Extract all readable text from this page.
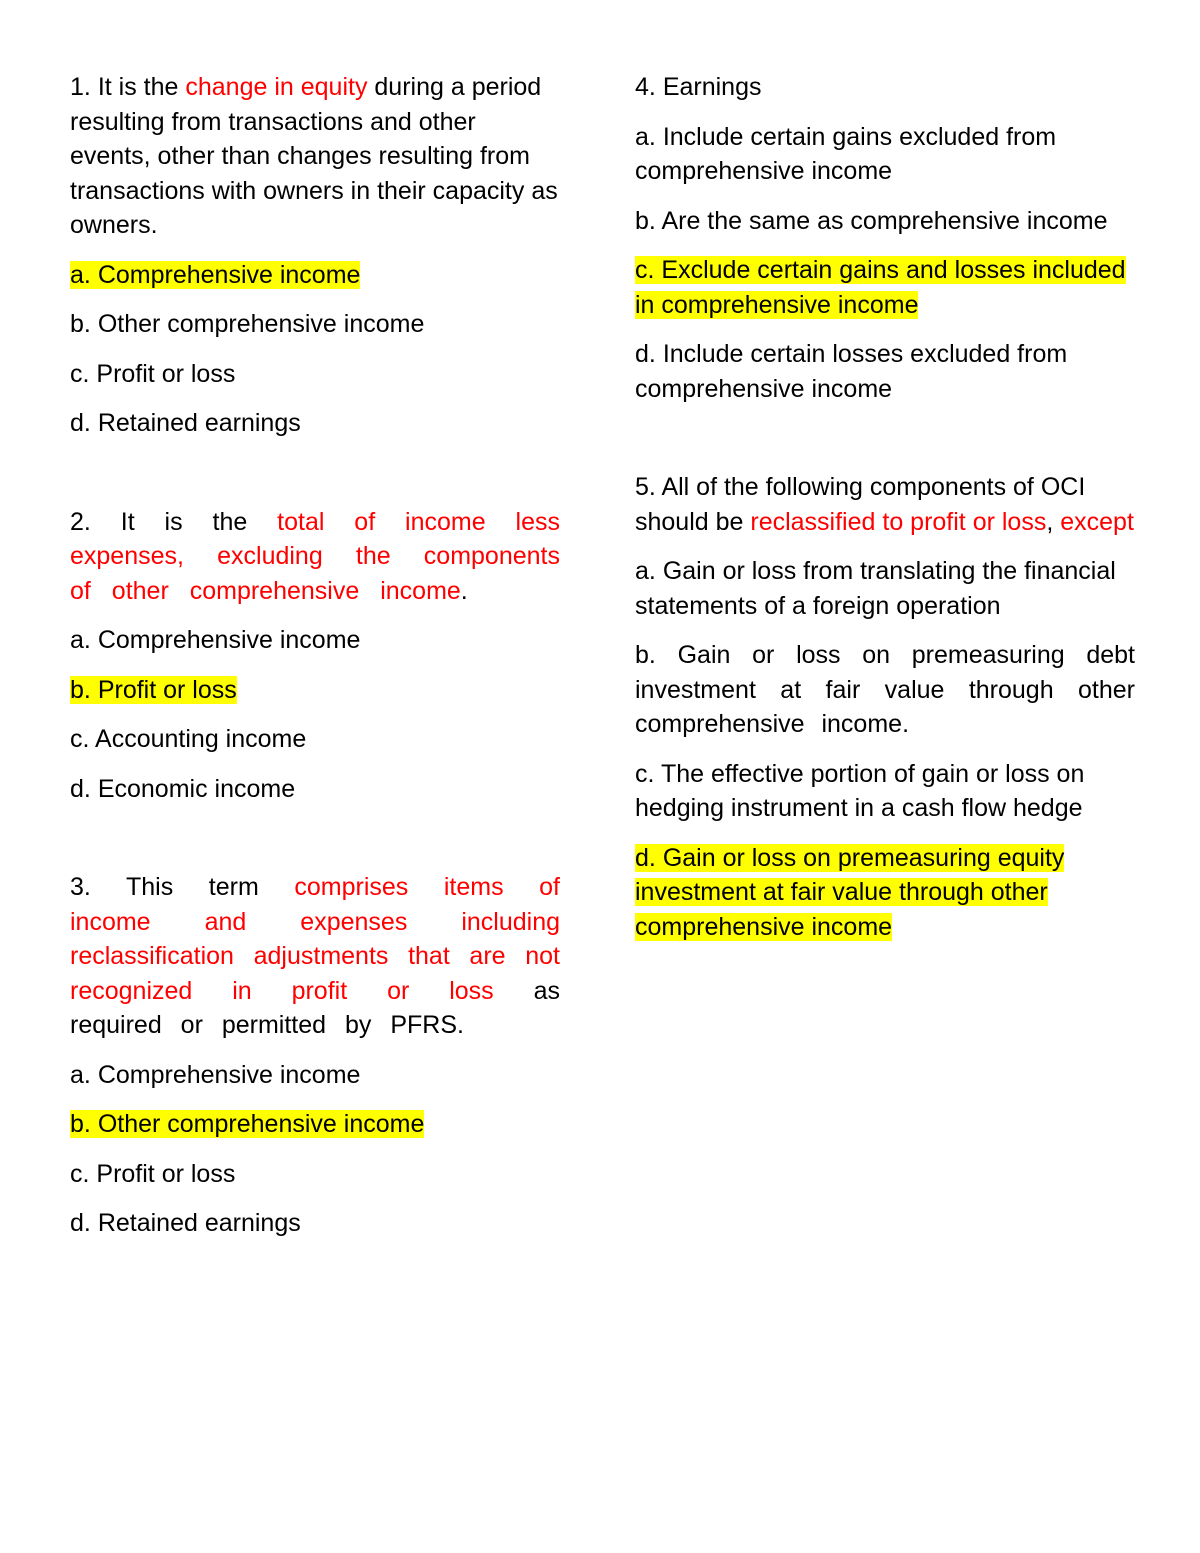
1. It is the change in equity during a period resulting from transactions and other events, other than changes resulting from transactions with owners in their capacity as owners.

a. Comprehensive income

b. Other comprehensive income

c. Profit or loss

d. Retained earnings

2. It is the total of income less expenses, excluding the components of other comprehensive income.

a. Comprehensive income

b. Profit or loss

c. Accounting income

d. Economic income

3. This term comprises items of income and expenses including reclassification adjustments that are not recognized in profit or loss as required or permitted by PFRS.

a. Comprehensive income

b. Other comprehensive income

c. Profit or loss

d. Retained earnings

4. Earnings

a. Include certain gains excluded from comprehensive income

b. Are the same as comprehensive income

c. Exclude certain gains and losses included in comprehensive income

d. Include certain losses excluded from comprehensive income

5. All of the following components of OCI should be reclassified to profit or loss, except

a. Gain or loss from translating the financial statements of a foreign operation

b. Gain or loss on premeasuring debt investment at fair value through other comprehensive income.

c. The effective portion of gain or loss on hedging instrument in a cash flow hedge

d. Gain or loss on premeasuring equity investment at fair value through other comprehensive income
